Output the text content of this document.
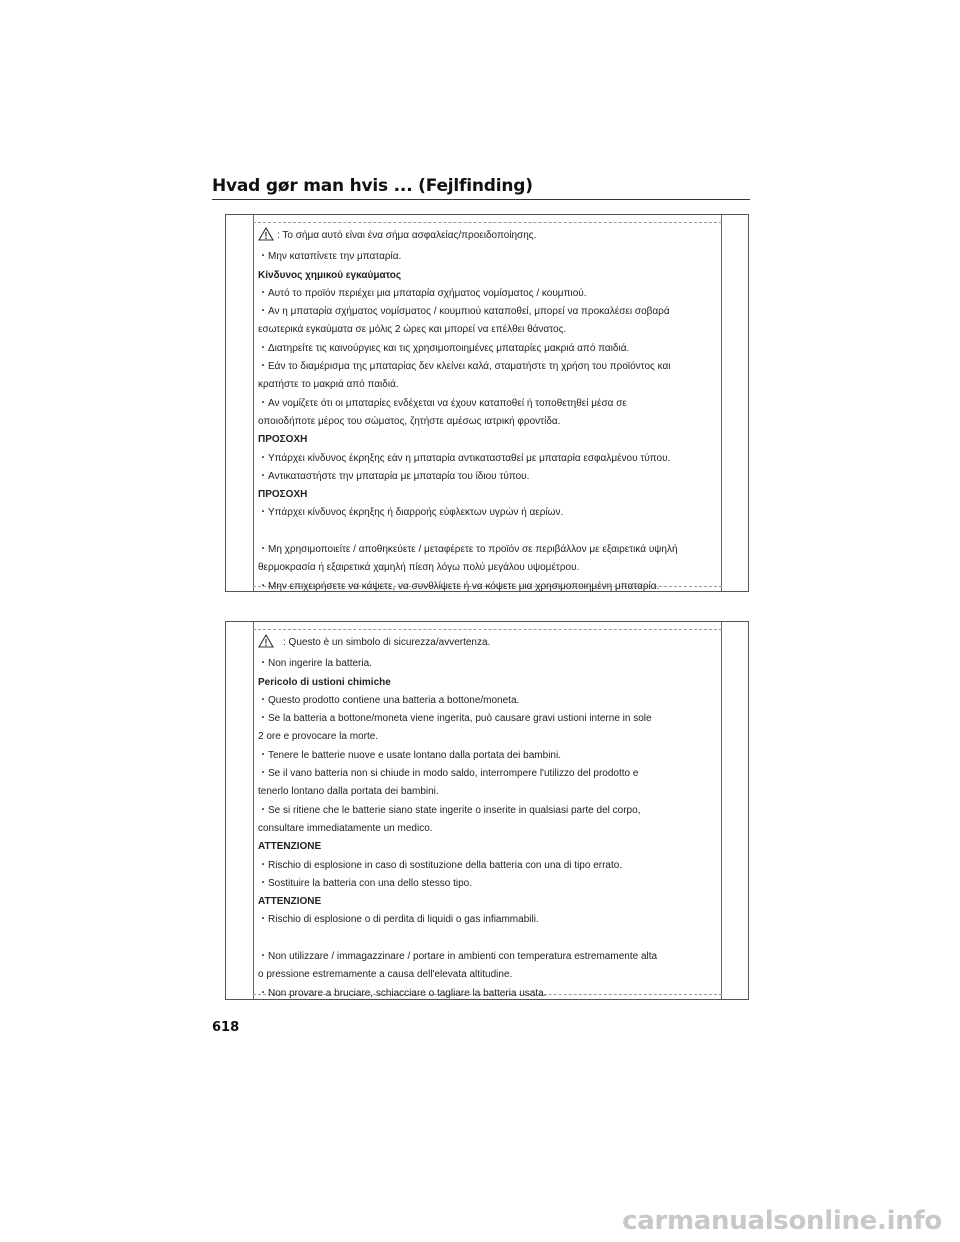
Hvad gør man hvis ... (Fejlfinding)
: Το σήμα αυτό είναι ένα σήμα ασφαλείας/προειδοποίησης.
・Μην καταπίνετε την μπαταρία.
Κίνδυνος χημικού εγκαύματος
・Αυτό το προϊόν περιέχει μια μπαταρία σχήματος νομίσματος / κουμπιού.
・Αν η μπαταρία σχήματος νομίσματος / κουμπιού καταποθεί, μπορεί να προκαλέσει σοβαρά
εσωτερικά εγκαύματα σε μόλις 2 ώρες και μπορεί να επέλθει θάνατος.
・Διατηρείτε τις καινούργιες και τις χρησιμοποιημένες μπαταρίες μακριά από παιδιά.
・Εάν το διαμέρισμα της μπαταρίας δεν κλείνει καλά, σταματήστε τη χρήση του προϊόντος και
κρατήστε το μακριά από παιδιά.
・Αν νομίζετε ότι οι μπαταρίες ενδέχεται να έχουν καταποθεί ή τοποθετηθεί μέσα σε
οποιοδήποτε μέρος του σώματος, ζητήστε αμέσως ιατρική φροντίδα.
ΠΡΟΣΟΧΗ
・Υπάρχει κίνδυνος έκρηξης εάν η μπαταρία αντικατασταθεί με μπαταρία εσφαλμένου τύπου.
・Αντικαταστήστε την μπαταρία με μπαταρία του ίδιου τύπου.
ΠΡΟΣΟΧΗ
・Υπάρχει κίνδυνος έκρηξης ή διαρροής εύφλεκτων υγρών ή αερίων.
・Μη χρησιμοποιείτε / αποθηκεύετε / μεταφέρετε το προϊόν σε περιβάλλον με εξαιρετικά υψηλή
θερμοκρασία ή εξαιρετικά χαμηλή πίεση λόγω πολύ μεγάλου υψομέτρου.
・Μην επιχειρήσετε να κάψετε, να συνθλίψετε ή να κόψετε μια χρησιμοποιημένη μπαταρία.
: Questo è un simbolo di sicurezza/avvertenza.
・Non ingerire la batteria.
Pericolo di ustioni chimiche
・Questo prodotto contiene una batteria a bottone/moneta.
・Se la batteria a bottone/moneta viene ingerita, può causare gravi ustioni interne in sole
2 ore e provocare la morte.
・Tenere le batterie nuove e usate lontano dalla portata dei bambini.
・Se il vano batteria non si chiude in modo saldo, interrompere l'utilizzo del prodotto e
tenerlo lontano dalla portata dei bambini.
・Se si ritiene che le batterie siano state ingerite o inserite in qualsiasi parte del corpo,
consultare immediatamente un medico.
ATTENZIONE
・Rischio di esplosione in caso di sostituzione della batteria con una di tipo errato.
・Sostituire la batteria con una dello stesso tipo.
ATTENZIONE
・Rischio di esplosione o di perdita di liquidi o gas infiammabili.
・Non utilizzare / immagazzinare / portare in ambienti con temperatura estremamente alta
o pressione estremamente a causa dell'elevata altitudine.
・Non provare a bruciare, schiacciare o tagliare la batteria usata.
618
carmanualsonline.info
